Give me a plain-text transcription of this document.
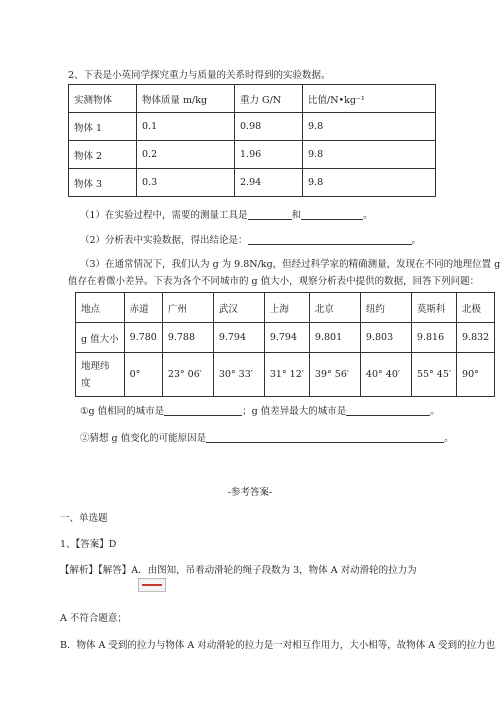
2、下表是小英同学探究重力与质量的关系时得到的实验数据。
实测物体	物体质量 m/kg	重力 G/N	比值/N•kg⁻¹
物体 1	0.1	0.98	9.8
物体 2	0.2	1.96	9.8
物体 3	0.3	2.94	9.8
（1）在实验过程中，需要的测量工具是	和	。
（2）分析表中实验数据，得出结论是：	。
（3）在通常情况下，我们认为 g 为 9.8N/kg，但经过科学家的精确测量，发现在不同的地理位置 g
值存在着微小差异。下表为各个不同城市的 g 值大小，观察分析表中提供的数据，回答下列问题：
地点	赤道	广州	武汉	上海	北京	纽约	莫斯科	北极
g 值大小	9.780	9.788	9.794	9.794	9.801	9.803	9.816	9.832
地理纬
度	0°	23° 06′	30° 33′	31° 12′	39° 56′	40° 40′	55° 45′	90°
①g 值相同的城市是	；g 值差异最大的城市是	。
②猜想 g 值变化的可能原因是	。
-参考答案-
一、单选题
1、【答案】D
【解析】【解答】A．由图知，吊着动滑轮的绳子段数为 3，物体 A 对动滑轮的拉力为
A 不符合题意；
B．物体 A 受到的拉力与物体 A 对动滑轮的拉力是一对相互作用力，大小相等，故物体 A 受到的拉力也
